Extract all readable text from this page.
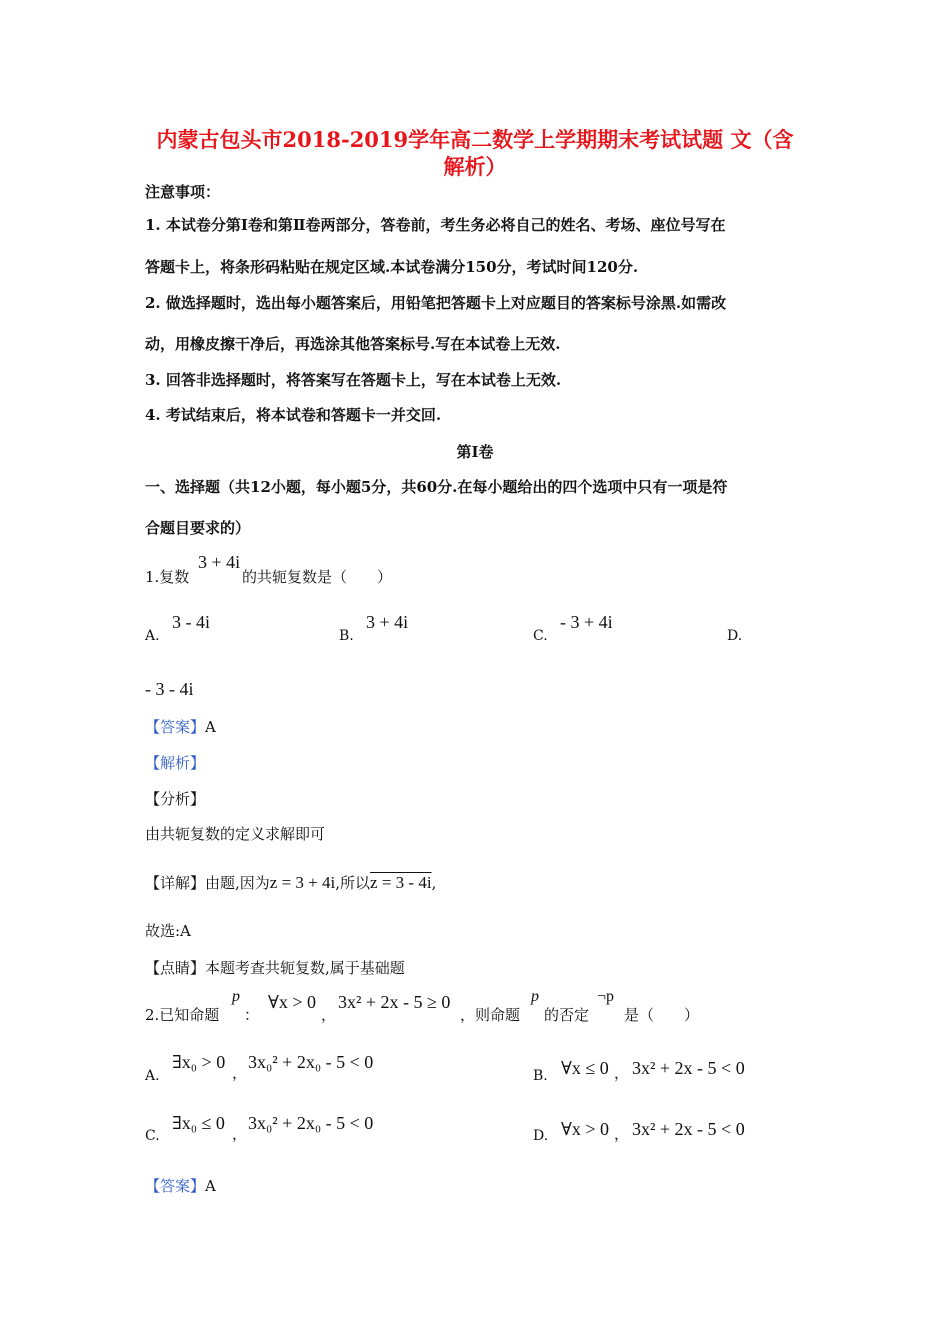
内蒙古包头市2018-2019学年高二数学上学期期末考试试题 文（含
解析）
注意事项：
1. 本试卷分第Ⅰ卷和第Ⅱ卷两部分，答卷前，考生务必将自己的姓名、考场、座位号写在
答题卡上，将条形码粘贴在规定区域.本试卷满分150分，考试时间120分.
2. 做选择题时，选出每小题答案后，用铅笔把答题卡上对应题目的答案标号涂黑.如需改
动，用橡皮擦干净后，再选涂其他答案标号.写在本试卷上无效.
3. 回答非选择题时，将答案写在答题卡上，写在本试卷上无效.
4. 考试结束后，将本试卷和答题卡一并交回.
第Ⅰ卷
一、选择题（共12小题，每小题5分，共60分.在每小题给出的四个选项中只有一项是符
合题目要求的）
1.复数
3 + 4i
的共轭复数是（　　）
A.
3 - 4i
B.
3 + 4i
C.
- 3 + 4i
D.
- 3 - 4i
【答案】A
【解析】
【分析】
由共轭复数的定义求解即可
【详解】由题,因为z = 3 + 4i,所以z = 3 - 4i,
故选:A
【点睛】本题考查共轭复数,属于基础题
2.已知命题
p
：
∀x > 0
，
3x² + 2x - 5 ≥ 0
，则命题
p
的否定
¬p
是（　　）
A.
∃x₀ > 0
，
3x₀² + 2x₀ - 5 < 0
B. ∀x ≤ 0 ， 3x² + 2x - 5 < 0
C.
∃x₀ ≤ 0
，
3x₀² + 2x₀ - 5 < 0
D. ∀x > 0 ， 3x² + 2x - 5 < 0
【答案】A
